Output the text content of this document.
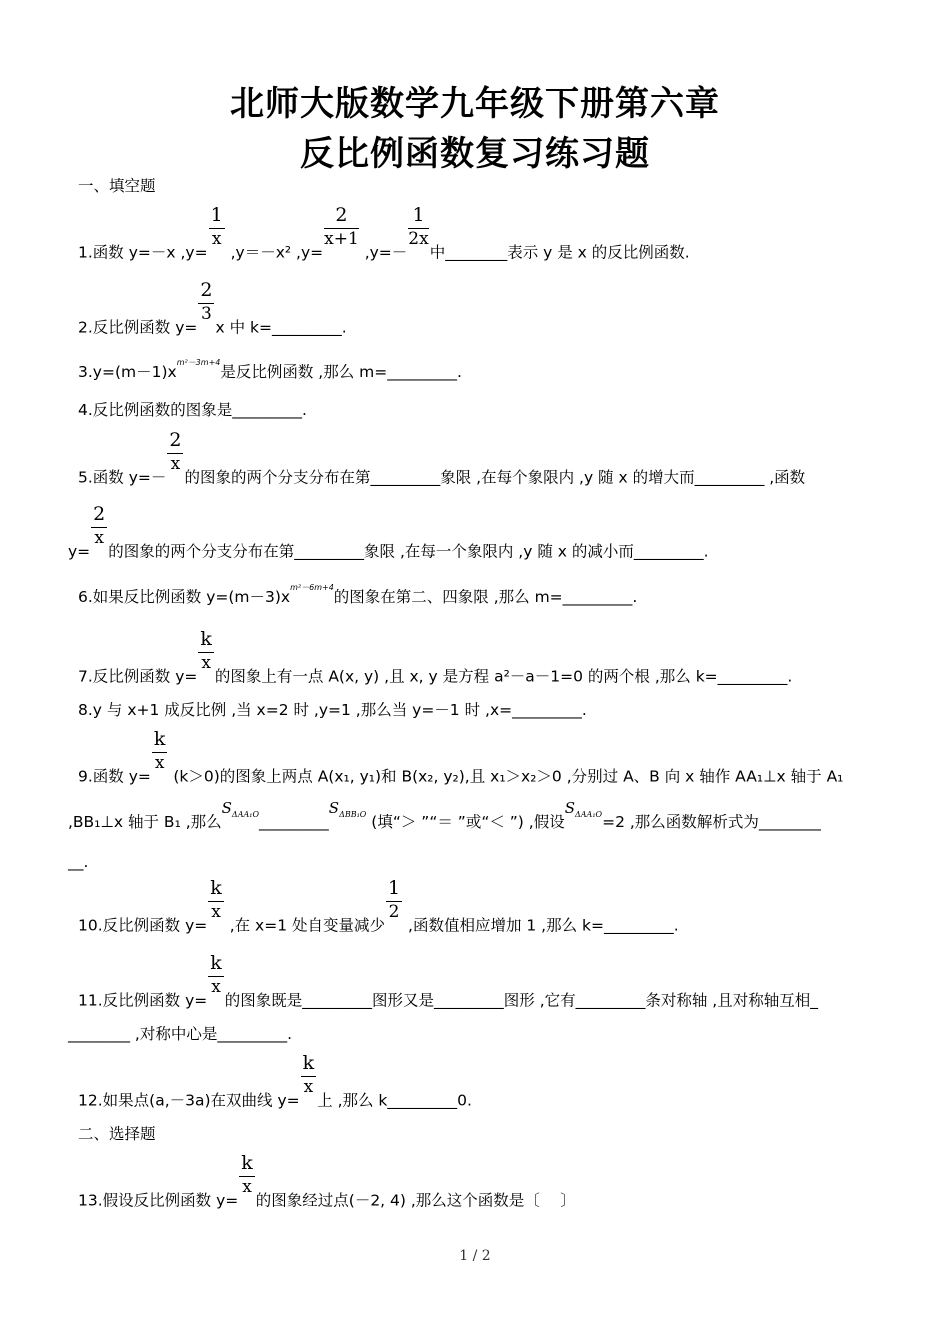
北师大版数学九年级下册第六章
反比例函数复习练习题
一、填空题
1.函数 y=－x ,y=
$\frac{1}{x}$
,y＝－x² ,y=
$\frac{2}{x+1}$
,y=－
$\frac{1}{2x}$
中________表示 y 是 x 的反比例函数.
2.反比例函数 y=
$\frac{2}{3}$
x 中 k=_________.
$3.y=(m-1)x^{m^2-3m+4}$是反比例函数 ,那么 m=_________.
4.反比例函数的图象是_________.
5.函数 y=－
$\frac{2}{x}$
的图象的两个分支分布在第_________象限 ,在每个象限内 ,y 随 x 的增大而_________ ,函数
y=
$\frac{2}{x}$
的图象的两个分支分布在第_________象限 ,在每一个象限内 ,y 随 x 的减小而_________.
6.如果反比例函数 $y=(m-3)x^{m^2-6m+4}$的图象在第二、四象限 ,那么 m=_________.
7.反比例函数 y=
$\frac{k}{x}$
的图象上有一点 A(x, y) ,且 x, y 是方程 a²－a－1=0 的两个根 ,那么 k=_________.
8.y 与 x+1 成反比例 ,当 x=2 时 ,y=1 ,那么当 y=－1 时 ,x=_________.
9.函数 y=
$\frac{k}{x}$
(k＞0)的图象上两点 A(x₁, y₁)和 B(x₂, y₂),且 x₁＞x₂＞0 ,分别过 A、B 向 x 轴作 AA₁⊥x 轴于 A₁
,BB₁⊥x 轴于 B₁ ,那么$S_{\Delta AA_1O}\_\_\_\_\_\_\_\_\_S_{\Delta BB_1O}$ (填“＞ ”“＝ ”或“＜ ”) ,假设$S_{\Delta AA_1O}=2$ ,那么函数解析式为________
__.
10.反比例函数 y=
$\frac{k}{x}$
,在 x=1 处自变量减少
$\frac{1}{2}$
,函数值相应增加 1 ,那么 k=_________.
11.反比例函数 y=
$\frac{k}{x}$
的图象既是_________图形又是_________图形 ,它有_________条对称轴 ,且对称轴互相_
________ ,对称中心是_________.
12.如果点(a,－3a)在双曲线 y=
$\frac{k}{x}$
上 ,那么 k_________0.
二、选择题
13.假设反比例函数 y=
$\frac{k}{x}$
的图象经过点(－2, 4) ,那么这个函数是〔　 〕
1 / 2
